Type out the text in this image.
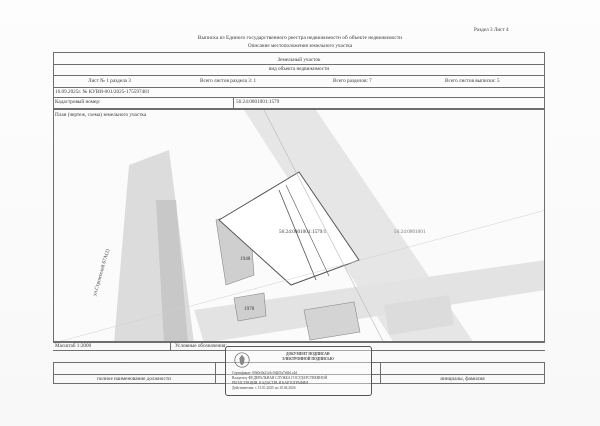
Раздел 3 Лист 4
Выписка из Единого государственного реестра недвижимости об объекте недвижимости
Описание местоположения земельного участка
Земельный участок
вид объекта недвижимости
Лист № 1 раздела 3	Всего листов раздела 3: 1	Всего разделов: 7	Всего листов выписки: 5
16.09.2025г. № КУВИ-001/2025-175597481
Кадастровый номер:	56:24:0801001:1579
56:24:0801001:1579/1	56:24:0801001
1948
1978
ул.Строителей 67А(2)
План (чертеж, схема) земельного участка
Масштаб 1:2000	Условные обозначения:
полное наименование должности	инициалы, фамилия
ДОКУМЕНТ ПОДПИСАН
ЭЛЕКТРОННОЙ ПОДПИСЬЮ
Сертификат: 00b0c8a21e3c9d2f5a7e6b1c4d
Владелец: ФЕДЕРАЛЬНАЯ СЛУЖБА ГОСУДАРСТВЕННОЙ
РЕГИСТРАЦИИ, КАДАСТРА И КАРТОГРАФИИ
Действителен: с 15.01.2025 по 10.04.2026
